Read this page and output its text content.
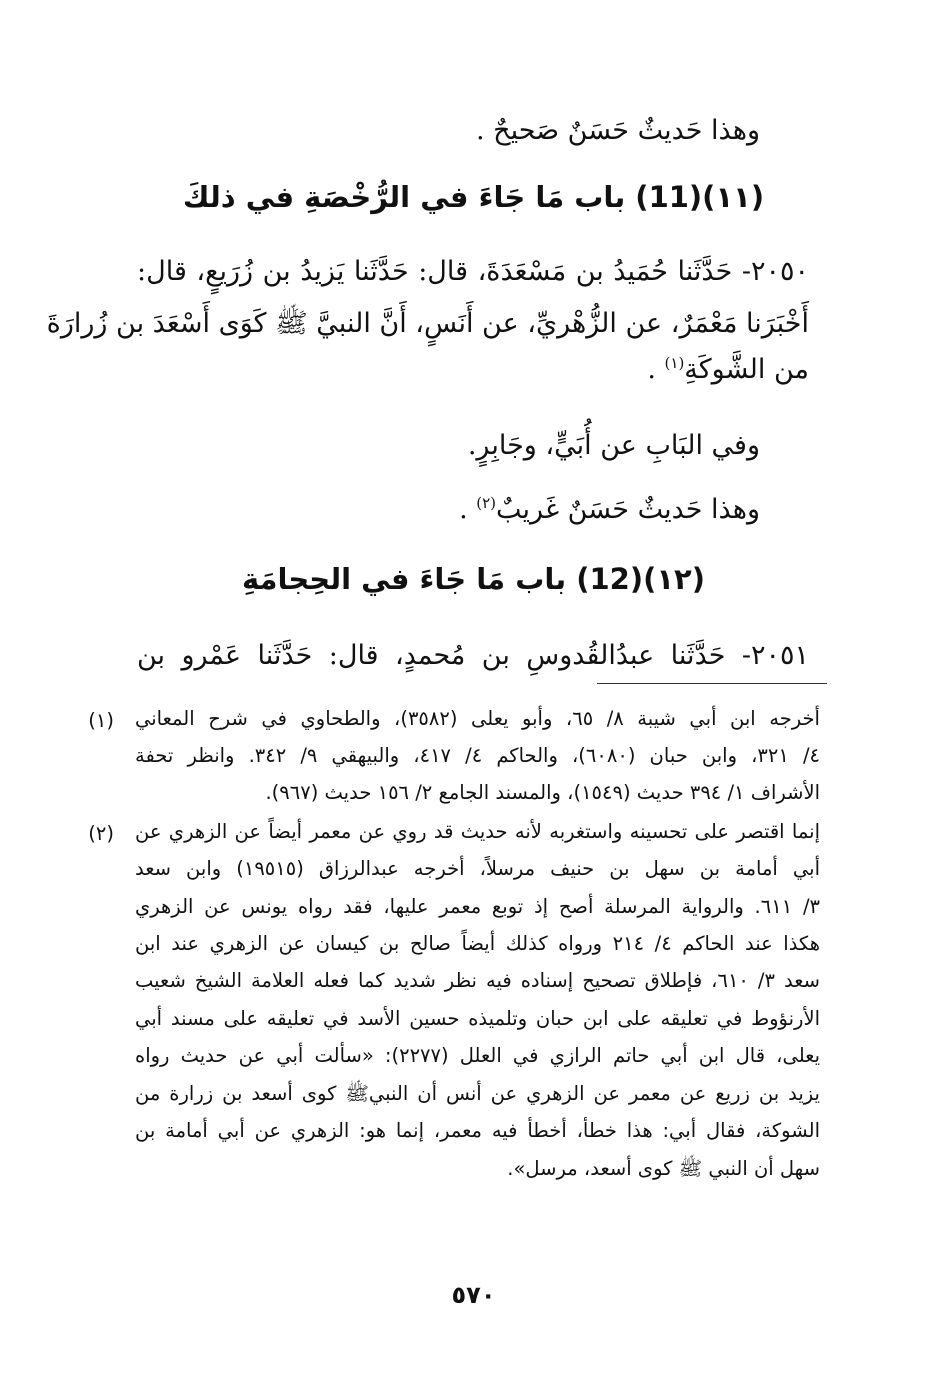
وهذا حَديثٌ حَسَنٌ صَحيحٌ .
(١١)(11) باب مَا جَاءَ في الرُّخْصَةِ في ذلكَ
٢٠٥٠- حَدَّثَنا حُمَيدُ بن مَسْعَدَةَ، قال: حَدَّثَنا يَزيدُ بن زُرَيعٍ، قال:
أَخْبَرَنا مَعْمَرٌ، عن الزُّهْريِّ، عن أَنَسٍ، أَنَّ النبيَّ ﷺ كَوَى أَسْعَدَ بن زُرارَةَ
من الشَّوكَةِ$^{(١)}$ .
وفي البَابِ عن أُبَيٍّ، وجَابِرٍ.
وهذا حَديثٌ حَسَنٌ غَريبٌ$^{(٢)}$ .
(١٢)(12) باب مَا جَاءَ في الحِجامَةِ
٢٠٥١- حَدَّثَنا عبدُالقُدوسِ بن مُحمدٍ، قال: حَدَّثَنا عَمْرو بن
(١) أخرجه ابن أبي شيبة ٨/ ٦٥، وأبو يعلى (٣٥٨٢)، والطحاوي في شرح المعاني
٤/ ٣٢١، وابن حبان (٦٠٨٠)، والحاكم ٤/ ٤١٧، والبيهقي ٩/ ٣٤٢. وانظر تحفة
الأشراف ١/ ٣٩٤ حديث (١٥٤٩)، والمسند الجامع ٢/ ١٥٦ حديث (٩٦٧).
(٢) إنما اقتصر على تحسينه واستغربه لأنه حديث قد روي عن معمر أيضاً عن الزهري عن
أبي أمامة بن سهل بن حنيف مرسلاً، أخرجه عبدالرزاق (١٩٥١٥) وابن سعد
٣/ ٦١١. والرواية المرسلة أصح إذ توبع معمر عليها، فقد رواه يونس عن الزهري
هكذا عند الحاكم ٤/ ٢١٤ ورواه كذلك أيضاً صالح بن كيسان عن الزهري عند ابن
سعد ٣/ ٦١٠، فإطلاق تصحيح إسناده فيه نظر شديد كما فعله العلامة الشيخ شعيب
الأرنؤوط في تعليقه على ابن حبان وتلميذه حسين الأسد في تعليقه على مسند أبي
يعلى، قال ابن أبي حاتم الرازي في العلل (٢٢٧٧): «سألت أبي عن حديث رواه
يزيد بن زريع عن معمر عن الزهري عن أنس أن النبيﷺ كوى أسعد بن زرارة من
الشوكة، فقال أبي: هذا خطأ، أخطأ فيه معمر، إنما هو: الزهري عن أبي أمامة بن
سهل أن النبي ﷺ كوى أسعد، مرسل».
٥٧٠
